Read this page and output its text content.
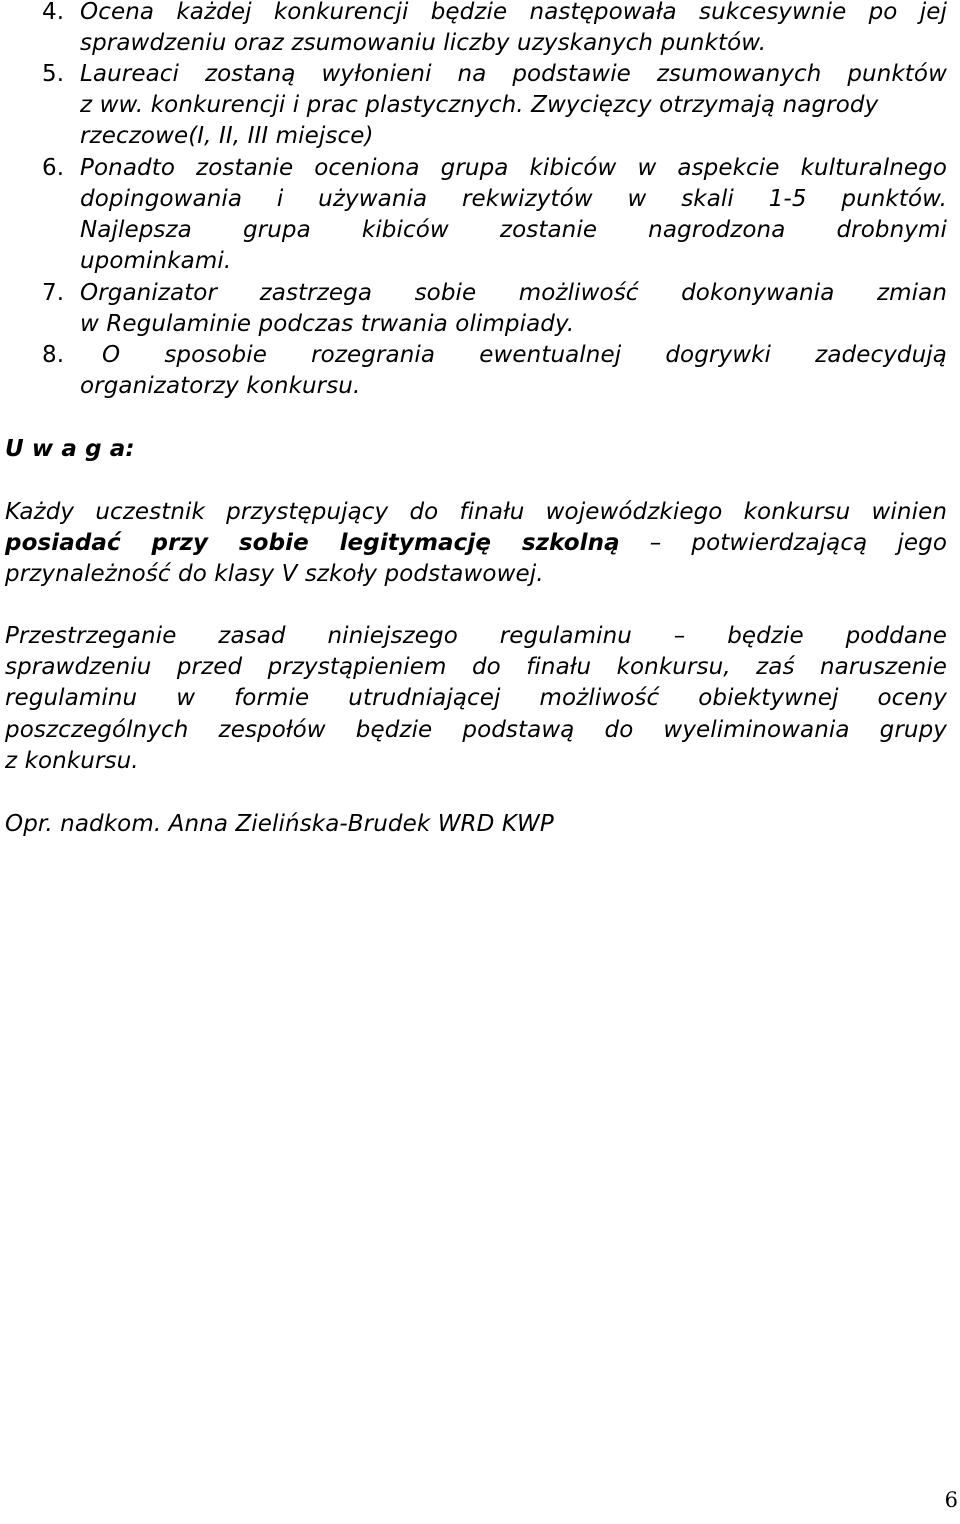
4. Ocena każdej konkurencji będzie następowała sukcesywnie po jej
sprawdzeniu oraz zsumowaniu liczby uzyskanych punktów.
5. Laureaci zostaną wyłonieni na podstawie zsumowanych punktów
z ww. konkurencji i prac plastycznych. Zwycięzcy otrzymają nagrody
rzeczowe(I, II, III miejsce)
6. Ponadto zostanie oceniona grupa kibiców w aspekcie kulturalnego
dopingowania i używania rekwizytów w skali 1-5 punktów.
Najlepsza grupa kibiców zostanie nagrodzona drobnymi
upominkami.
7. Organizator zastrzega sobie możliwość dokonywania zmian
w Regulaminie podczas trwania olimpiady.
8. O sposobie rozegrania ewentualnej dogrywki zadecydują
organizatorzy konkursu.
U w a g a:
Każdy uczestnik przystępujący do finału wojewódzkiego konkursu winien
posiadać przy sobie legitymację szkolną – potwierdzającą jego
przynależność do klasy V szkoły podstawowej.
Przestrzeganie zasad niniejszego regulaminu – będzie poddane
sprawdzeniu przed przystąpieniem do finału konkursu, zaś naruszenie
regulaminu w formie utrudniającej możliwość obiektywnej oceny
poszczególnych zespołów będzie podstawą do wyeliminowania grupy
z konkursu.
Opr. nadkom. Anna Zielińska-Brudek WRD KWP
6
